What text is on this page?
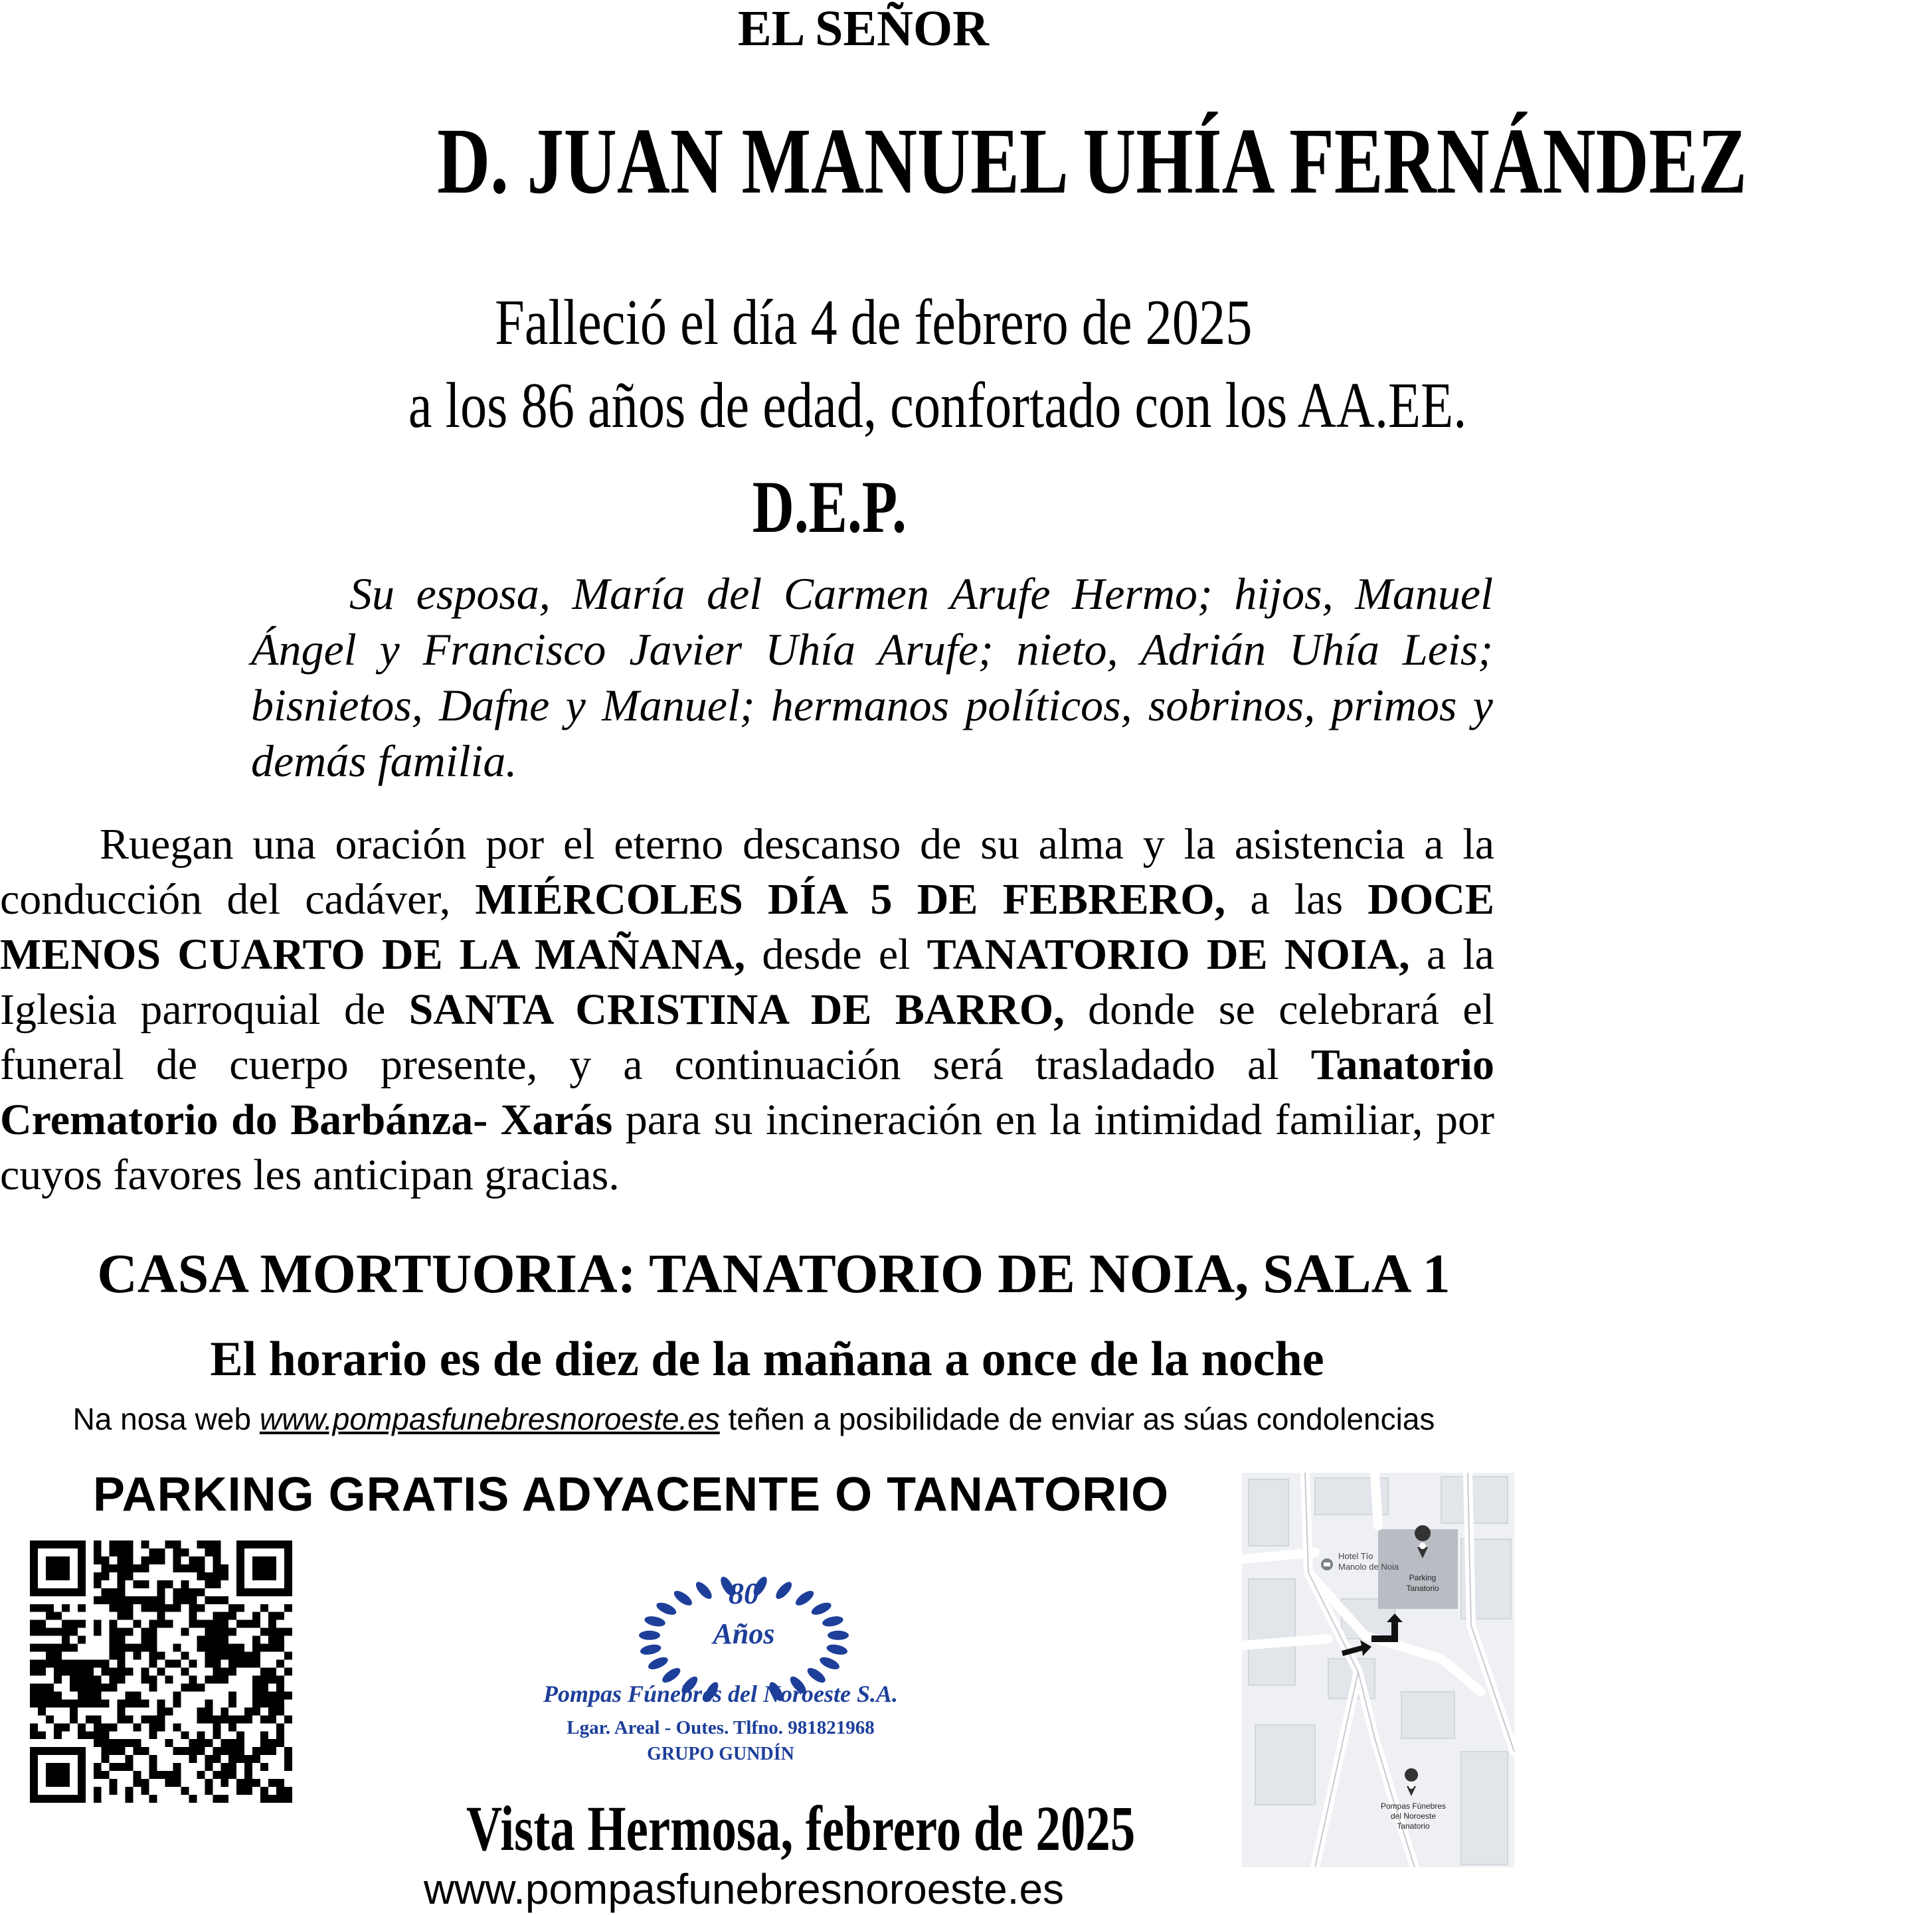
EL SEÑOR
D. JUAN MANUEL UHÍA FERNÁNDEZ
Falleció el día 4 de febrero de 2025
a los 86 años de edad, confortado con los AA.EE.
D.E.P.
Su esposa, María del Carmen Arufe Hermo; hijos, Manuel Ángel y Francisco Javier Uhía Arufe; nieto, Adrián Uhía Leis; bisnietos, Dafne y Manuel; hermanos políticos, sobrinos, primos y demás familia.
Ruegan una oración por el eterno descanso de su alma y la asistencia a la conducción del cadáver, MIÉRCOLES DÍA 5 DE FEBRERO, a las DOCE MENOS CUARTO DE LA MAÑANA, desde el TANATORIO DE NOIA, a la Iglesia parroquial de SANTA CRISTINA DE BARRO, donde se celebrará el funeral de cuerpo presente, y a continuación será trasladado al Tanatorio Crematorio do Barbánza- Xarás para su incineración en la intimidad familiar, por cuyos favores les anticipan gracias.
CASA MORTUORIA: TANATORIO DE NOIA, SALA 1
El horario es de diez de la mañana a once de la noche
Na nosa web www.pompasfunebresnoroeste.es teñen a posibilidade de enviar as súas condolencias
PARKING GRATIS ADYACENTE O TANATORIO
80
Años
Pompas Fúnebres del Noroeste S.A.
Lgar. Areal - Outes. Tlfno. 981821968
GRUPO GUNDÍN
Hotel Tío
Manolo de Noia
Parking
Tanatorio
Pompas Fúnebres
del Noroeste
Tanatorio
Vista Hermosa, febrero de 2025
www.pompasfunebresnoroeste.es
